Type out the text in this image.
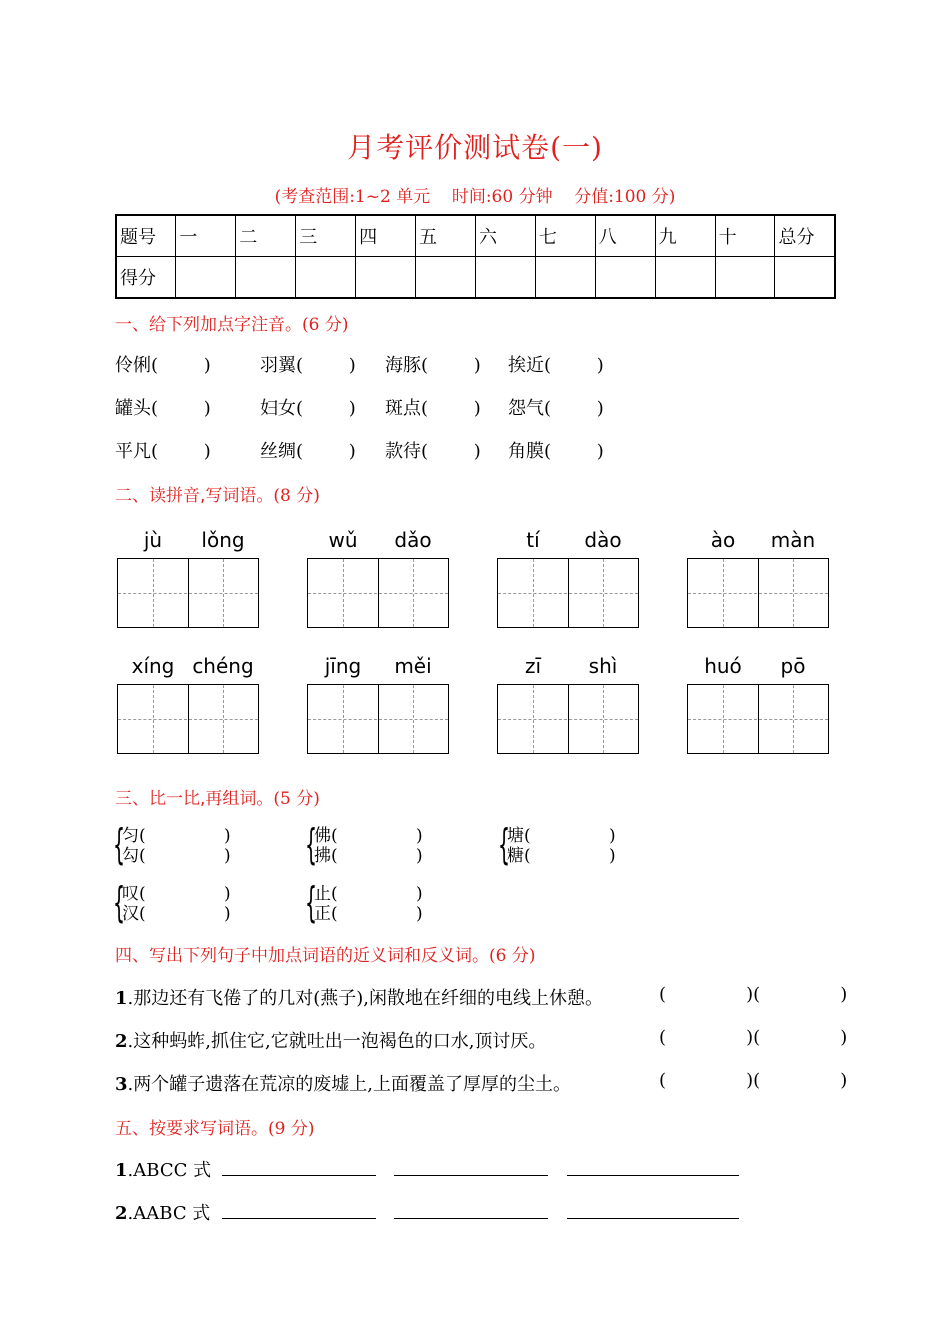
月考评价测试卷(一)
(考查范围:1~2 单元    时间:60 分钟    分值:100 分)
题号	一	二	三	四	五	六	七	八	九	十	总分
得分											
一、给下列加点字注音。(6 分)
伶俐(        )	羽翼(        ) 海豚(        ) 挨近(        )
罐头(        )	妇女(        ) 斑点(        ) 怨气(        )
平凡(        )	丝绸(        ) 款待(        ) 角膜(        )
二、读拼音,写词语。(8 分)
jù	lǒng	wǔ	dǎo	tí	dào	ào	màn
xíng chéng	jīng	měi	zī	shì	huó	pō
三、比一比,再组词。(5 分)
{
匀(
勾(
)
) {
佛(
拂(
)
) {
塘(
糖(
)
)
{
叹(
汉(
)
) {
止(
正(
)
)
四、写出下列句子中加点词语的近义词和反义词。(6 分)
1.那边还有飞倦了的几对(燕子),闲散地在纤细的电线上休憩。	(              )(              )
2.这种蚂蚱,抓住它,它就吐出一泡褐色的口水,顶讨厌。	(              )(              )
3.两个罐子遗落在荒凉的废墟上,上面覆盖了厚厚的尘土。	(              )(              )
五、按要求写词语。(9 分)
1.ABCC 式
2.AABC 式
